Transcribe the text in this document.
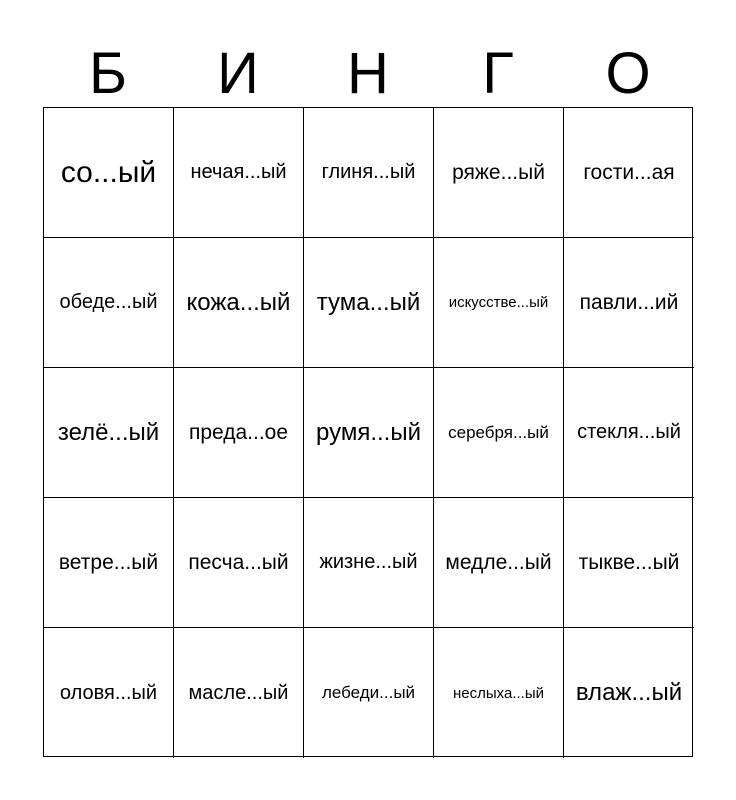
Б	И	Н	Г	О
со...ый	нечая...ый	глиня...ый	ряже...ый	гости...ая
обеде...ый	кожа...ый	тума...ый	искусстве...ый	павли...ий
зелё...ый	преда...ое	румя...ый	серебря...ый	стекля...ый
ветре...ый	песча...ый	жизне...ый	медле...ый	тыкве...ый
оловя...ый	масле...ый	лебеди...ый	неслыха...ый	влаж...ый
